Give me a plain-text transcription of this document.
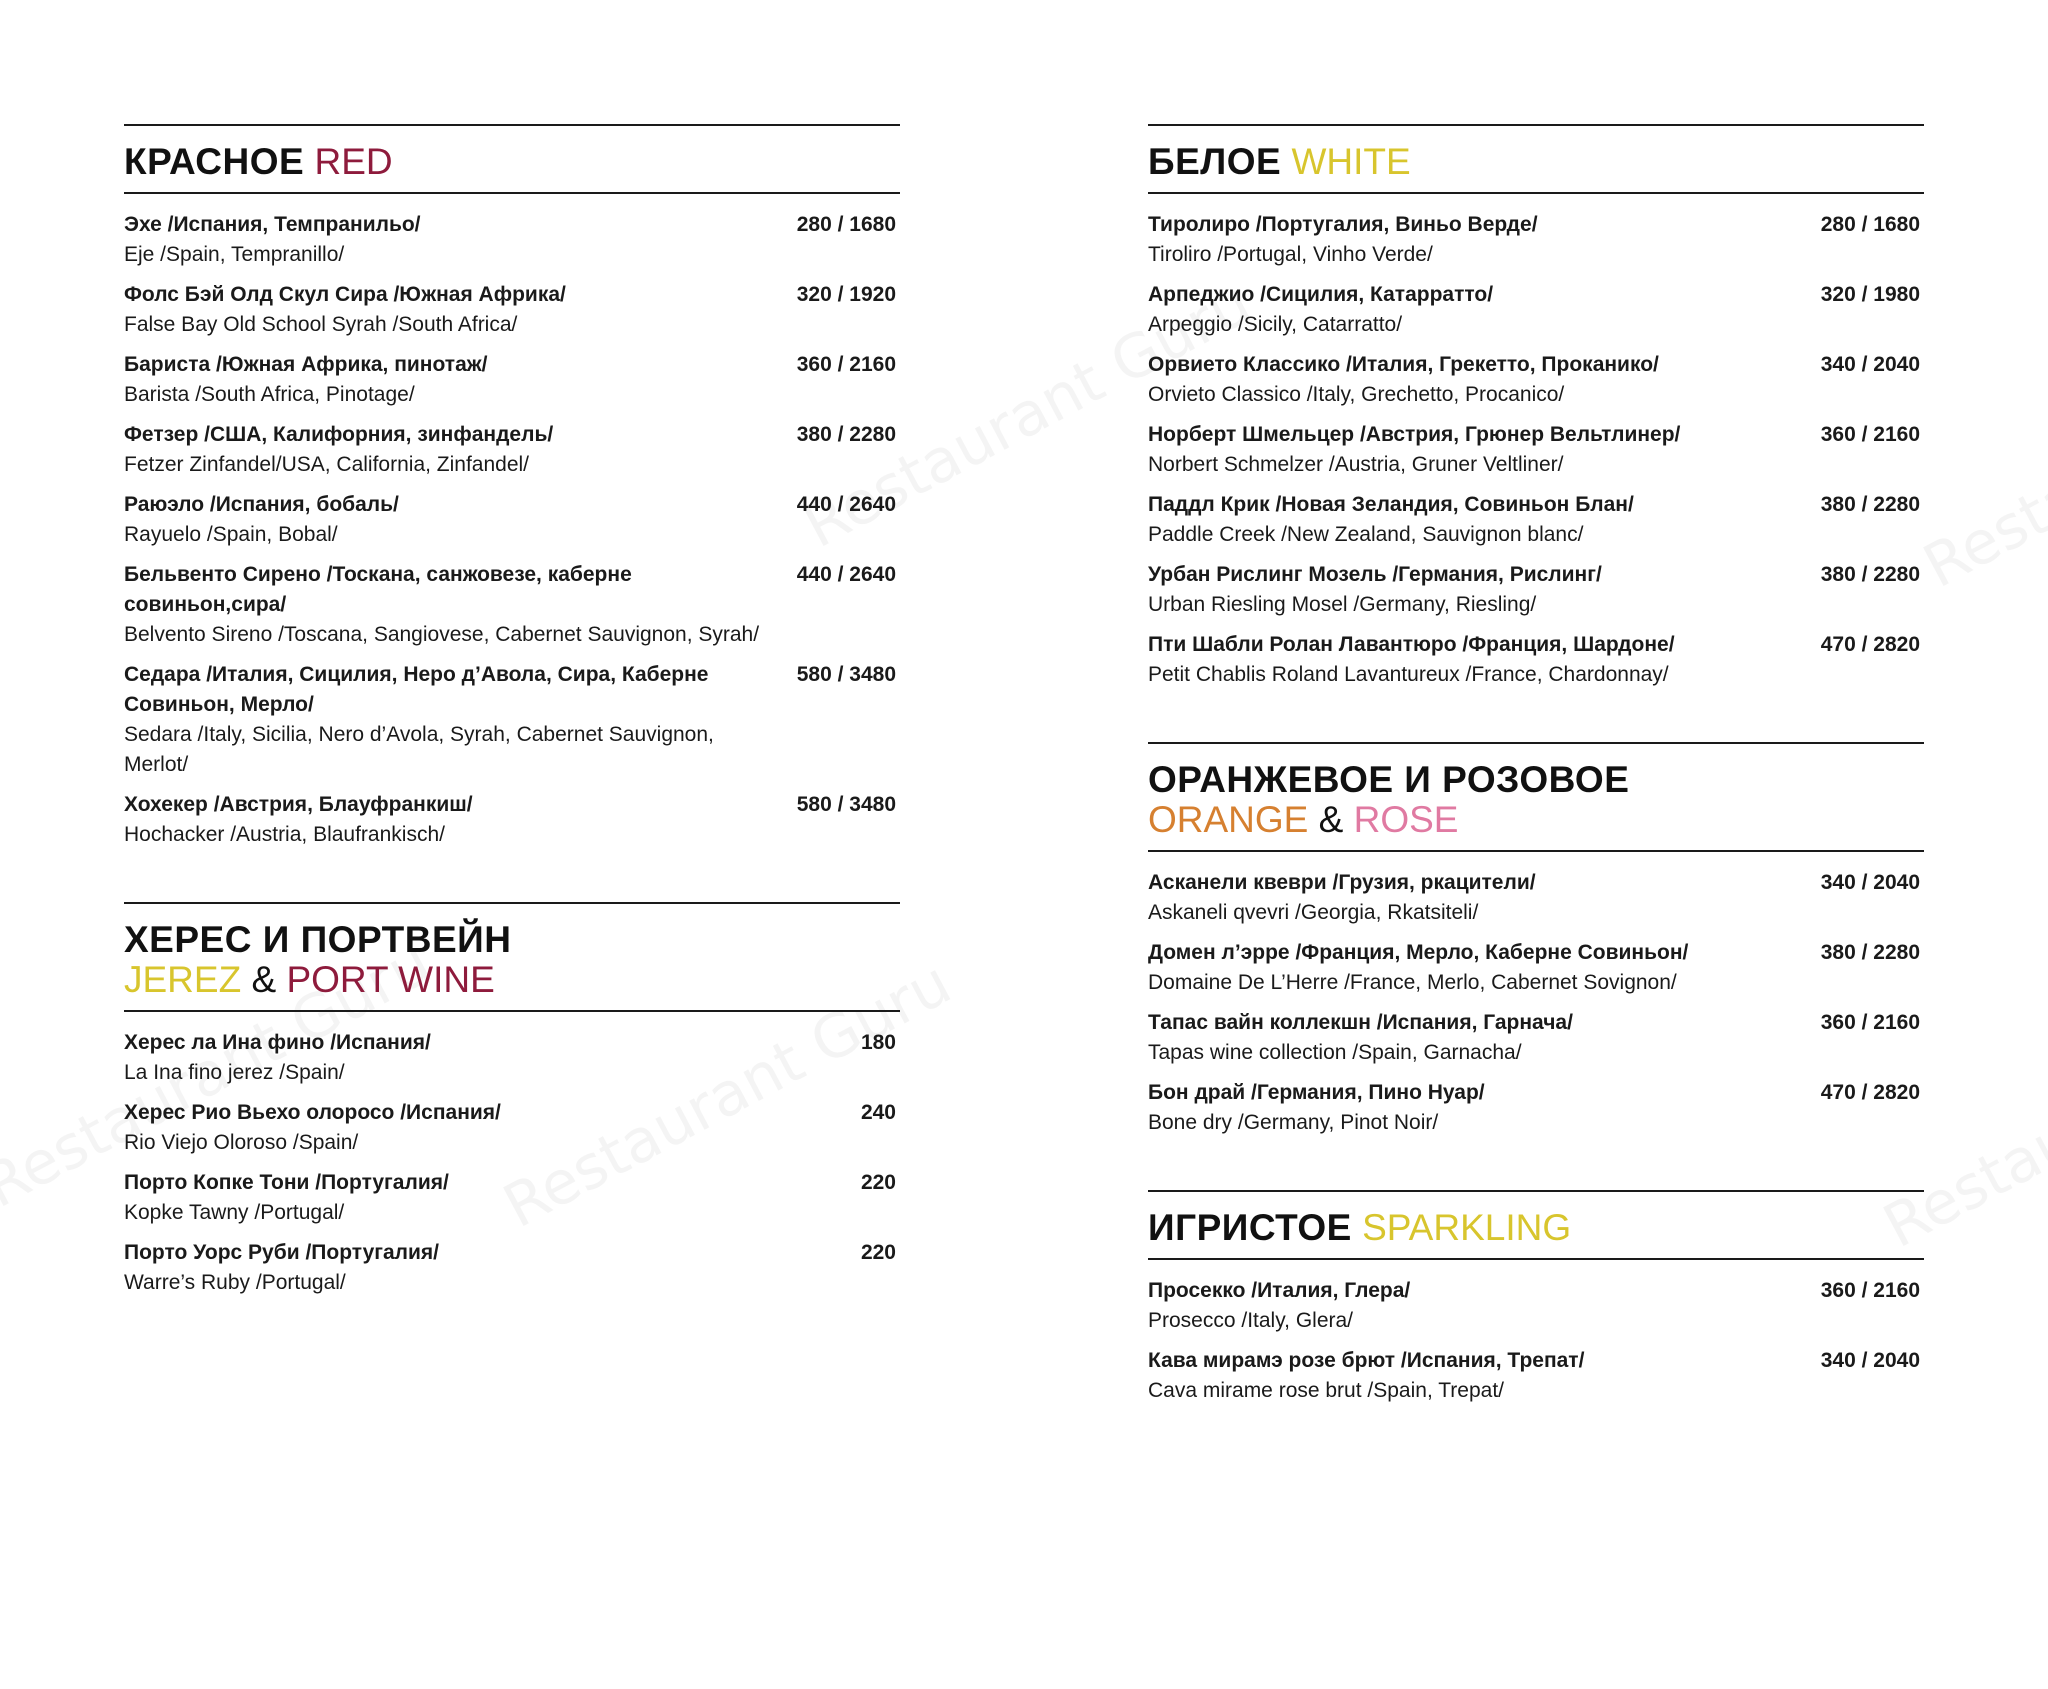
КРАСНОЕ RED
Эхе /Испания, Темпранильо/
Eje /Spain, Tempranillo/
280 / 1680
Фолс Бэй Олд Скул Сира /Южная Африка/
False Bay Old School Syrah /South Africa/
320 / 1920
Бариста /Южная Африка, пинотаж/
Barista /South Africa, Pinotage/
360 / 2160
Фетзер /США, Калифорния, зинфандель/
Fetzer Zinfandel/USA, California, Zinfandel/
380 / 2280
Раюэло /Испания, бобаль/
Rayuelo /Spain, Bobal/
440 / 2640
Бельвенто Сирено /Тоскана, санжовезе, каберне совиньон,сира/
Belvento Sireno /Toscana, Sangiovese, Cabernet Sauvignon, Syrah/
440 / 2640
Седара /Италия, Сицилия, Неро д’Авола, Сира, Каберне Совиньон, Мерло/
Sedara /Italy, Sicilia, Nero d’Avola, Syrah, Cabernet Sauvignon, Merlot/
580 / 3480
Хохекер /Австрия, Блауфранкиш/
Hochacker /Austria, Blaufrankisch/
580 / 3480
ХЕРЕС И ПОРТВЕЙН
JEREZ & PORT WINE
Херес ла Ина фино /Испания/
La Ina fino jerez /Spain/
180
Херес Рио Вьехо олоросо /Испания/
Rio Viejo Oloroso /Spain/
240
Порто Копке Тони /Португалия/
Kopke Tawny /Portugal/
220
Порто Уорс Руби /Португалия/
Warre’s Ruby /Portugal/
220
БЕЛОЕ WHITE
Тиролиро /Португалия, Виньо Верде/
Tiroliro /Portugal, Vinho Verde/
280 / 1680
Арпеджио /Сицилия, Катарратто/
Arpeggio /Sicily, Catarratto/
320 / 1980
Орвието Классико /Италия, Грекетто, Проканико/
Orvieto Classico /Italy, Grechetto, Procanico/
340 / 2040
Норберт Шмельцер /Австрия, Грюнер Вельтлинер/
Norbert Schmelzer /Austria, Gruner Veltliner/
360 / 2160
Паддл Крик /Новая Зеландия, Совиньон Блан/
Paddle Creek /New Zealand, Sauvignon blanc/
380 / 2280
Урбан Рислинг Мозель /Германия, Рислинг/
Urban Riesling Mosel /Germany, Riesling/
380 / 2280
Пти Шабли Ролан Лавантюро /Франция, Шардоне/
Petit Chablis Roland Lavantureux /France, Chardonnay/
470 / 2820
ОРАНЖЕВОЕ И РОЗОВОЕ
ORANGE & ROSE
Асканели квеври /Грузия, ркацители/
Askaneli qvevri /Georgia, Rkatsiteli/
340 / 2040
Домен л’эрре /Франция, Мерло, Каберне Совиньон/
Domaine De L’Herre /France, Merlo, Cabernet Sovignon/
380 / 2280
Тапас вайн коллекшн /Испания, Гарнача/
Tapas wine collection /Spain, Garnacha/
360 / 2160
Бон драй /Германия, Пино Нуар/
Bone dry /Germany, Pinot Noir/
470 / 2820
ИГРИСТОЕ SPARKLING
Просекко /Италия, Глера/
Prosecco /Italy, Glera/
360 / 2160
Кава мирамэ розе брют /Испания, Трепат/
Cava mirame rose brut /Spain, Trepat/
340 / 2040
